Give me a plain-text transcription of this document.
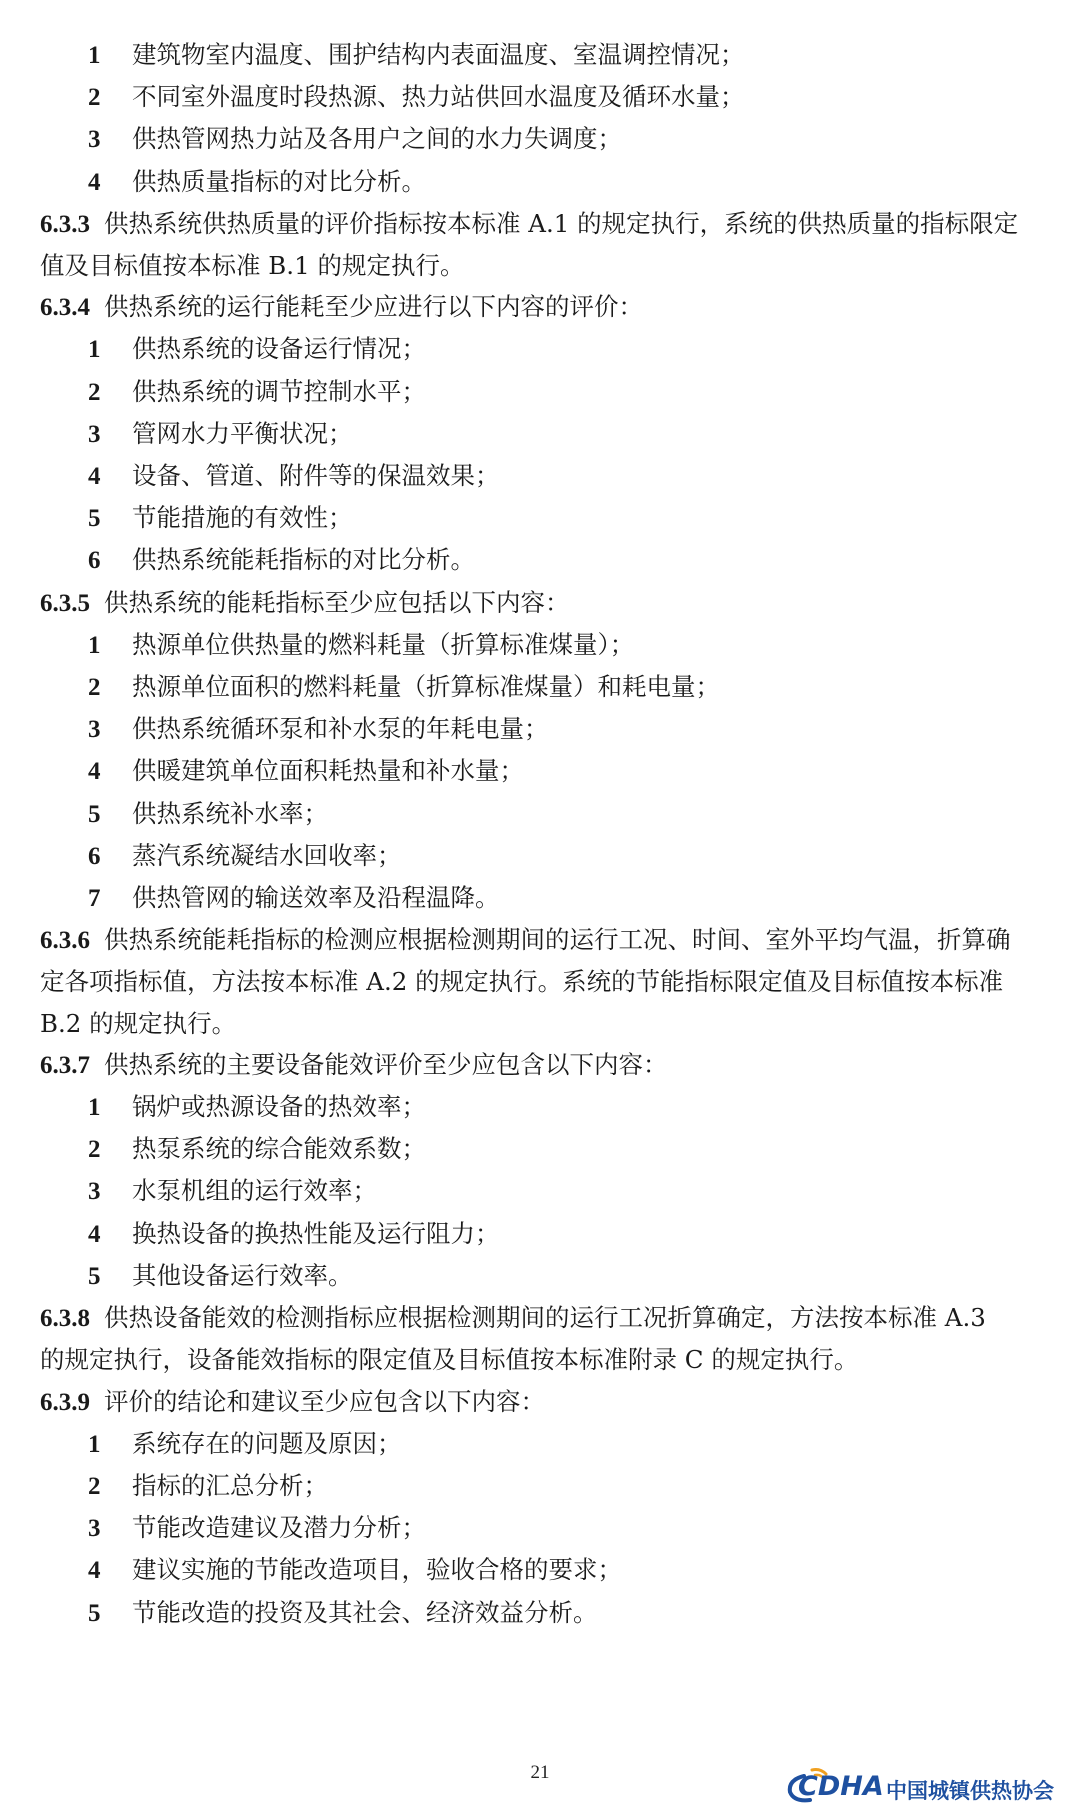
1 建筑物室内温度、围护结构内表面温度、室温调控情况；
2 不同室外温度时段热源、热力站供回水温度及循环水量；
3 供热管网热力站及各用户之间的水力失调度；
4 供热质量指标的对比分析。
6.3.3 供热系统供热质量的评价指标按本标准 A.1 的规定执行，系统的供热质量的指标限定
值及目标值按本标准 B.1 的规定执行。
6.3.4 供热系统的运行能耗至少应进行以下内容的评价：
1 供热系统的设备运行情况；
2 供热系统的调节控制水平；
3 管网水力平衡状况；
4 设备、管道、附件等的保温效果；
5 节能措施的有效性；
6 供热系统能耗指标的对比分析。
6.3.5 供热系统的能耗指标至少应包括以下内容：
1 热源单位供热量的燃料耗量（折算标准煤量）；
2 热源单位面积的燃料耗量（折算标准煤量）和耗电量；
3 供热系统循环泵和补水泵的年耗电量；
4 供暖建筑单位面积耗热量和补水量；
5 供热系统补水率；
6 蒸汽系统凝结水回收率；
7 供热管网的输送效率及沿程温降。
6.3.6 供热系统能耗指标的检测应根据检测期间的运行工况、时间、室外平均气温，折算确
定各项指标值，方法按本标准 A.2 的规定执行。系统的节能指标限定值及目标值按本标准
B.2 的规定执行。
6.3.7 供热系统的主要设备能效评价至少应包含以下内容：
1 锅炉或热源设备的热效率；
2 热泵系统的综合能效系数；
3 水泵机组的运行效率；
4 换热设备的换热性能及运行阻力；
5 其他设备运行效率。
6.3.8 供热设备能效的检测指标应根据检测期间的运行工况折算确定，方法按本标准 A.3
的规定执行，设备能效指标的限定值及目标值按本标准附录 C 的规定执行。
6.3.9 评价的结论和建议至少应包含以下内容：
1 系统存在的问题及原因；
2 指标的汇总分析；
3 节能改造建议及潜力分析；
4 建议实施的节能改造项目，验收合格的要求；
5 节能改造的投资及其社会、经济效益分析。
21	CDHA 中国城镇供热协会
